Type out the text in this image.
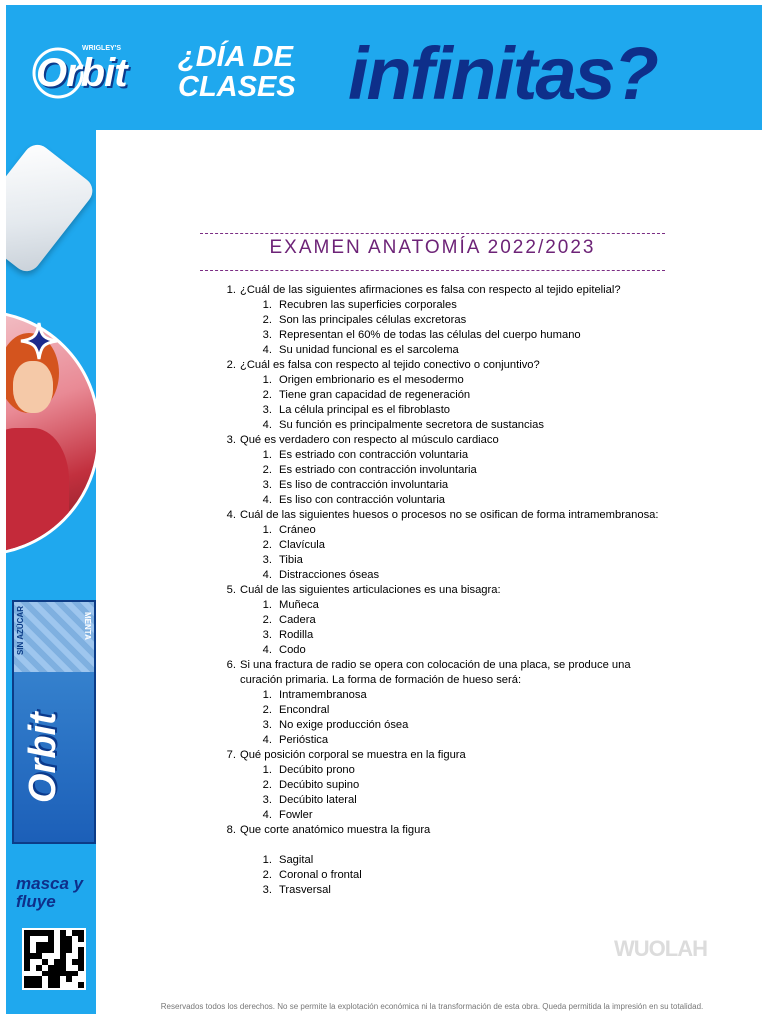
WRIGLEY'S
Orbit ¿DÍA DE CLASES infinitas?
SIN AZÚCAR	MENTA
Orbit
masca y fluye
EXAMEN ANATOMÍA 2022/2023
1. ¿Cuál de las siguientes afirmaciones es falsa con respecto al tejido epitelial?
1. Recubren las superficies corporales
2. Son las principales células excretoras
3. Representan el 60% de todas las células del cuerpo humano
4. Su unidad funcional es el sarcolema
2. ¿Cuál es falsa con respecto al tejido conectivo o conjuntivo?
1. Origen embrionario es el mesodermo
2. Tiene gran capacidad de regeneración
3. La célula principal es el fibroblasto
4. Su función es principalmente secretora de sustancias
3. Qué es verdadero con respecto al músculo cardiaco
1. Es estriado con contracción voluntaria
2. Es estriado con contracción involuntaria
3. Es liso de contracción involuntaria
4. Es liso con contracción voluntaria
4. Cuál de las siguientes huesos o procesos no se osifican de forma intramembranosa:
1. Cráneo
2. Clavícula
3. Tibia
4. Distracciones óseas
5. Cuál de las siguientes articulaciones es una bisagra:
1. Muñeca
2. Cadera
3. Rodilla
4. Codo
6. Si una fractura de radio se opera con colocación de una placa, se produce una curación primaria. La forma de formación de hueso será:
1. Intramembranosa
2. Encondral
3. No exige producción ósea
4. Perióstica
7. Qué posición corporal se muestra en la figura
1. Decúbito prono
2. Decúbito supino
3. Decúbito lateral
4. Fowler
8. Que corte anatómico muestra la figura
1. Sagital
2. Coronal o frontal
3. Trasversal
WUOLAH
Reservados todos los derechos. No se permite la explotación económica ni la transformación de esta obra. Queda permitida la impresión en su totalidad.
